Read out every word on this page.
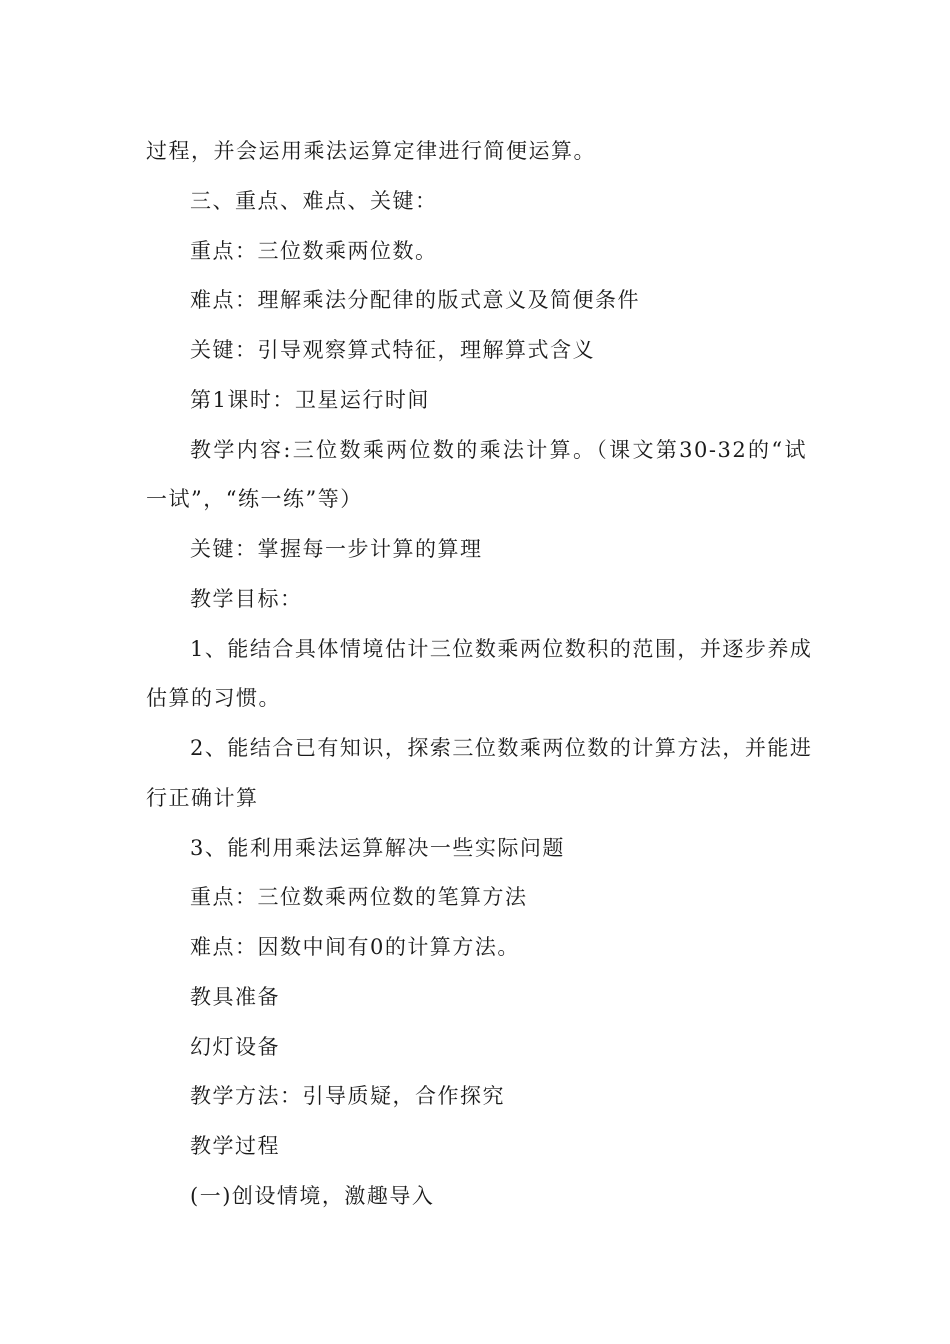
过程，并会运用乘法运算定律进行简便运算。
三、重点、难点、关键：
重点：三位数乘两位数。
难点：理解乘法分配律的版式意义及简便条件
关键：引导观察算式特征，理解算式含义
第1课时：卫星运行时间
教学内容:三位数乘两位数的乘法计算。（课文第30-32的“试
一试”，“练一练”等）
关键：掌握每一步计算的算理
教学目标：
1、能结合具体情境估计三位数乘两位数积的范围，并逐步养成
估算的习惯。
2、能结合已有知识，探索三位数乘两位数的计算方法，并能进
行正确计算
3、能利用乘法运算解决一些实际问题
重点：三位数乘两位数的笔算方法
难点：因数中间有0的计算方法。
教具准备
幻灯设备
教学方法：引导质疑，合作探究
教学过程
(一)创设情境，激趣导入
